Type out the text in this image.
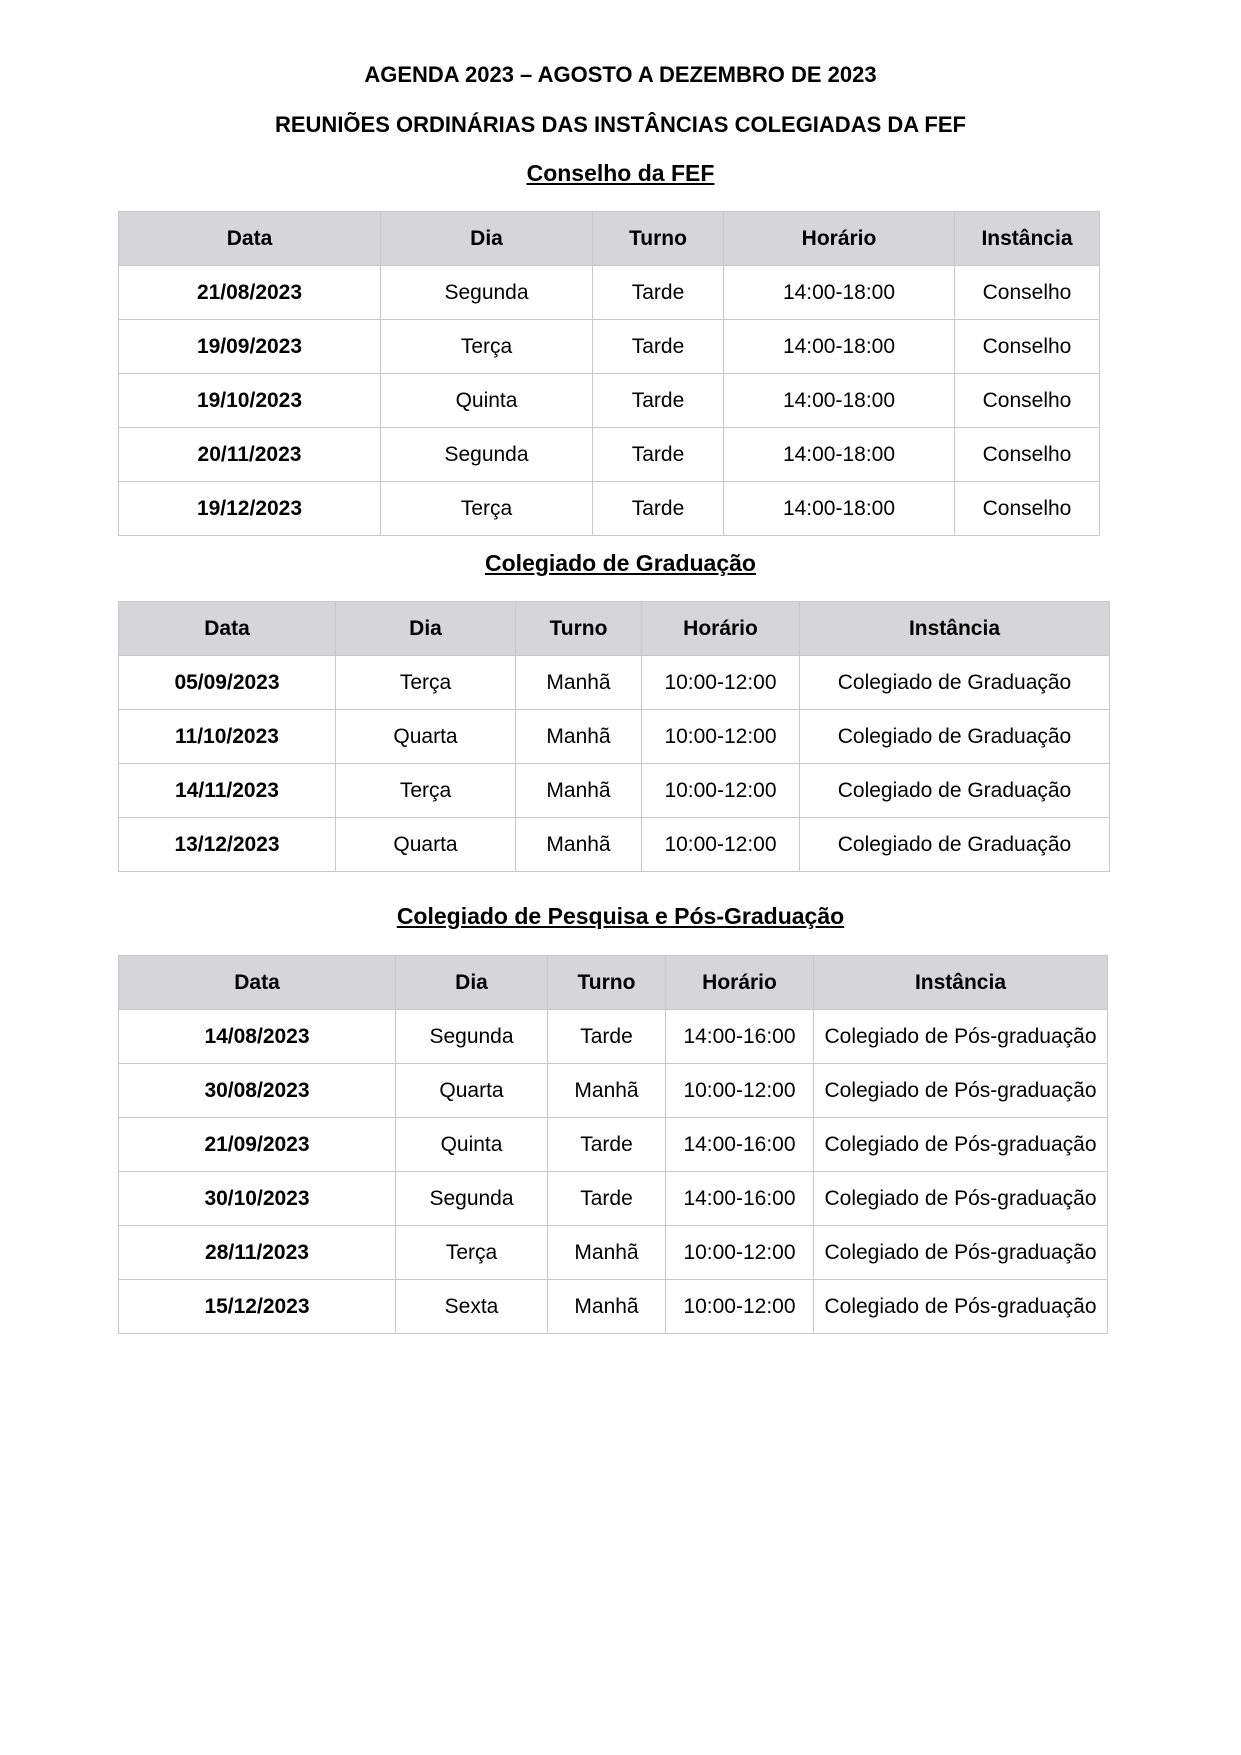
AGENDA 2023 – AGOSTO A DEZEMBRO DE 2023
REUNIÕES ORDINÁRIAS DAS INSTÂNCIAS COLEGIADAS DA FEF
Conselho da FEF
Data	Dia	Turno	Horário	Instância
21/08/2023	Segunda	Tarde	14:00-18:00	Conselho
19/09/2023	Terça	Tarde	14:00-18:00	Conselho
19/10/2023	Quinta	Tarde	14:00-18:00	Conselho
20/11/2023	Segunda	Tarde	14:00-18:00	Conselho
19/12/2023	Terça	Tarde	14:00-18:00	Conselho
Colegiado de Graduação
Data	Dia	Turno	Horário	Instância
05/09/2023	Terça	Manhã	10:00-12:00	Colegiado de Graduação
11/10/2023	Quarta	Manhã	10:00-12:00	Colegiado de Graduação
14/11/2023	Terça	Manhã	10:00-12:00	Colegiado de Graduação
13/12/2023	Quarta	Manhã	10:00-12:00	Colegiado de Graduação
Colegiado de Pesquisa e Pós-Graduação
Data	Dia	Turno	Horário	Instância
14/08/2023	Segunda	Tarde	14:00-16:00	Colegiado de Pós-graduação
30/08/2023	Quarta	Manhã	10:00-12:00	Colegiado de Pós-graduação
21/09/2023	Quinta	Tarde	14:00-16:00	Colegiado de Pós-graduação
30/10/2023	Segunda	Tarde	14:00-16:00	Colegiado de Pós-graduação
28/11/2023	Terça	Manhã	10:00-12:00	Colegiado de Pós-graduação
15/12/2023	Sexta	Manhã	10:00-12:00	Colegiado de Pós-graduação
